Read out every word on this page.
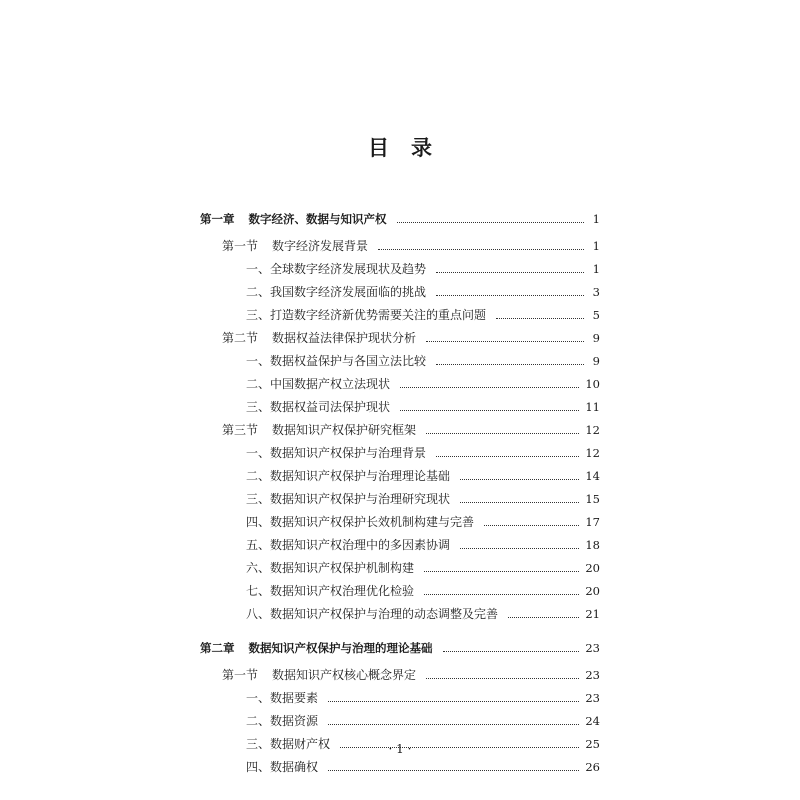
目录
第一章 数字经济、数据与知识产权	1
第一节 数字经济发展背景	1
一、全球数字经济发展现状及趋势	1
二、我国数字经济发展面临的挑战	3
三、打造数字经济新优势需要关注的重点问题	5
第二节 数据权益法律保护现状分析	9
一、数据权益保护与各国立法比较	9
二、中国数据产权立法现状	10
三、数据权益司法保护现状	11
第三节 数据知识产权保护研究框架	12
一、数据知识产权保护与治理背景	12
二、数据知识产权保护与治理理论基础	14
三、数据知识产权保护与治理研究现状	15
四、数据知识产权保护长效机制构建与完善	17
五、数据知识产权治理中的多因素协调	18
六、数据知识产权保护机制构建	20
七、数据知识产权治理优化检验	20
八、数据知识产权保护与治理的动态调整及完善	21
第二章 数据知识产权保护与治理的理论基础	23
第一节 数据知识产权核心概念界定	23
一、数据要素	23
二、数据资源	24
三、数据财产权	25
四、数据确权	26
· 1 ·
